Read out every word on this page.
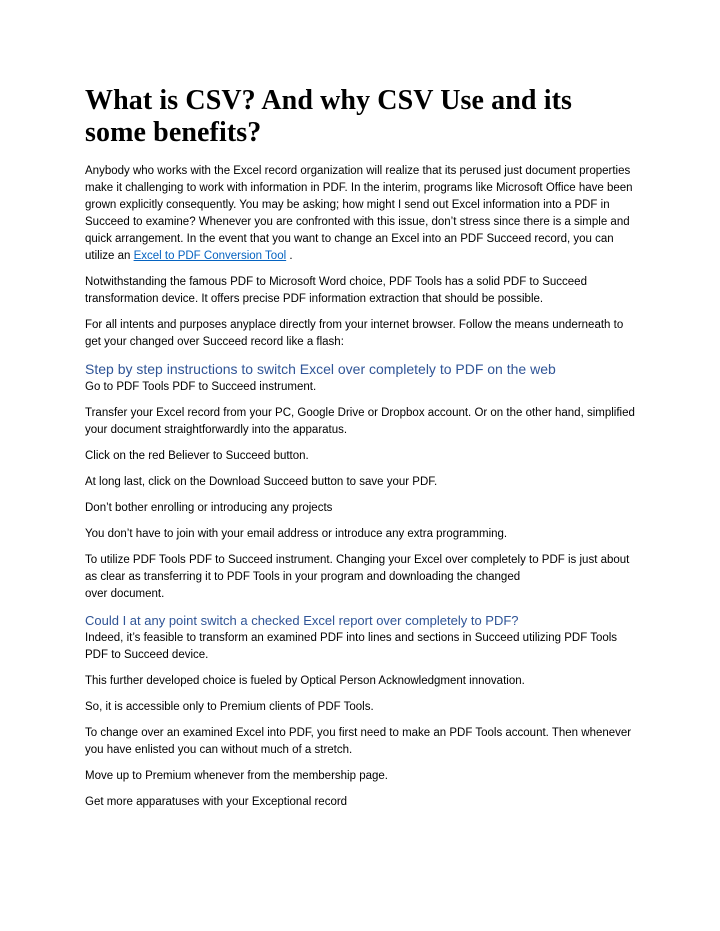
What is CSV? And why CSV Use and its some benefits?

Anybody who works with the Excel record organization will realize that its perused just document properties make it challenging to work with information in PDF. In the interim, programs like Microsoft Office have been grown explicitly consequently. You may be asking; how might I send out Excel information into a PDF in Succeed to examine? Whenever you are confronted with this issue, don’t stress since there is a simple and quick arrangement. In the event that you want to change an Excel into an PDF Succeed record, you can utilize an Excel to PDF Conversion Tool .

Notwithstanding the famous PDF to Microsoft Word choice, PDF Tools has a solid PDF to Succeed transformation device. It offers precise PDF information extraction that should be possible.

For all intents and purposes anyplace directly from your internet browser. Follow the means underneath to get your changed over Succeed record like a flash:

Step by step instructions to switch Excel over completely to PDF on the web

Go to PDF Tools PDF to Succeed instrument.

Transfer your Excel record from your PC, Google Drive or Dropbox account. Or on the other hand, simplified your document straightforwardly into the apparatus.

Click on the red Believer to Succeed button.

At long last, click on the Download Succeed button to save your PDF.

Don’t bother enrolling or introducing any projects

You don’t have to join with your email address or introduce any extra programming.

To utilize PDF Tools PDF to Succeed instrument. Changing your Excel over completely to PDF is just about as clear as transferring it to PDF Tools in your program and downloading the changed
over document.

Could I at any point switch a checked Excel report over completely to PDF?

Indeed, it’s feasible to transform an examined PDF into lines and sections in Succeed utilizing PDF Tools PDF to Succeed device.

This further developed choice is fueled by Optical Person Acknowledgment innovation.

So, it is accessible only to Premium clients of PDF Tools.

To change over an examined Excel into PDF, you first need to make an PDF Tools account. Then whenever you have enlisted you can without much of a stretch.

Move up to Premium whenever from the membership page.

Get more apparatuses with your Exceptional record
